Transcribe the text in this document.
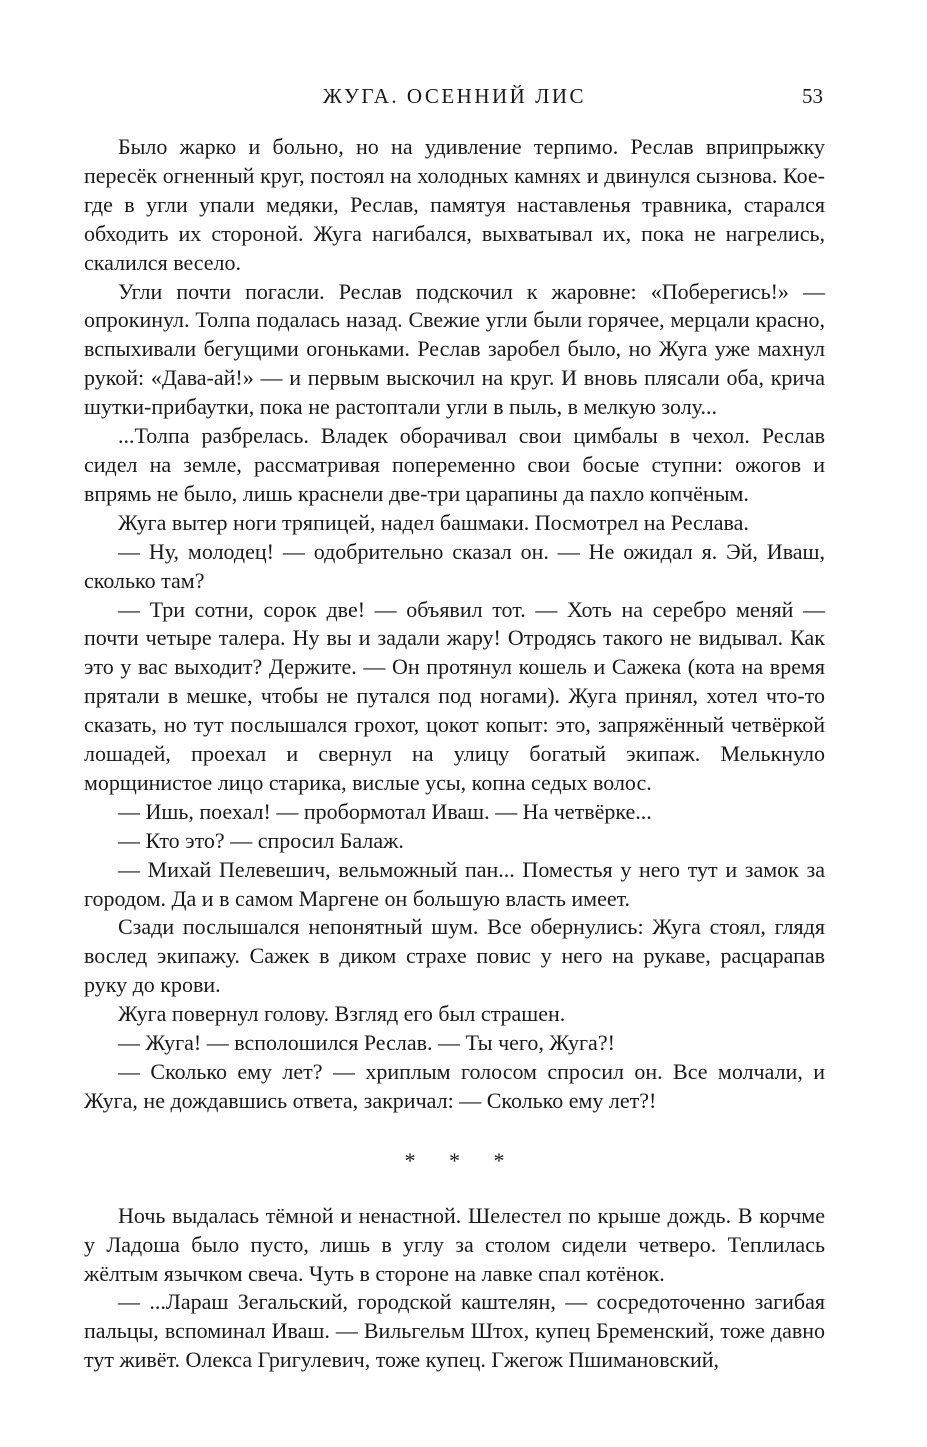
ЖУГА. ОСЕННИЙ ЛИС	53

Было жарко и больно, но на удивление терпимо. Реслав вприпрыжку пересёк огненный круг, постоял на холодных камнях и двинулся сызнова. Кое-где в угли упали медяки, Реслав, памятуя наставленья травника, старался обходить их стороной. Жуга нагибался, выхватывал их, пока не нагрелись, скалился весело.

Угли почти погасли. Реслав подскочил к жаровне: «Поберегись!» — опрокинул. Толпа подалась назад. Свежие угли были горячее, мерцали красно, вспыхивали бегущими огоньками. Реслав заробел было, но Жуга уже махнул рукой: «Дава-ай!» — и первым выскочил на круг. И вновь плясали оба, крича шутки-прибаутки, пока не растоптали угли в пыль, в мелкую золу...

...Толпа разбрелась. Владек оборачивал свои цимбалы в чехол. Реслав сидел на земле, рассматривая попеременно свои босые ступни: ожогов и впрямь не было, лишь краснели две-три царапины да пахло копчёным.

Жуга вытер ноги тряпицей, надел башмаки. Посмотрел на Реслава.

— Ну, молодец! — одобрительно сказал он. — Не ожидал я. Эй, Иваш, сколько там?

— Три сотни, сорок две! — объявил тот. — Хоть на серебро меняй — почти четыре талера. Ну вы и задали жару! Отродясь такого не видывал. Как это у вас выходит? Держите. — Он протянул кошель и Сажека (кота на время прятали в мешке, чтобы не путался под ногами). Жуга принял, хотел что-то сказать, но тут послышался грохот, цокот копыт: это, запряжённый четвёркой лошадей, проехал и свернул на улицу богатый экипаж. Мелькнуло морщинистое лицо старика, вислые усы, копна седых волос.

— Ишь, поехал! — пробормотал Иваш. — На четвёрке...

— Кто это? — спросил Балаж.

— Михай Пелевешич, вельможный пан... Поместья у него тут и замок за городом. Да и в самом Маргене он большую власть имеет.

Сзади послышался непонятный шум. Все обернулись: Жуга стоял, глядя вослед экипажу. Сажек в диком страхе повис у него на рукаве, расцарапав руку до крови.

Жуга повернул голову. Взгляд его был страшен.

— Жуга! — всполошился Реслав. — Ты чего, Жуга?!

— Сколько ему лет? — хриплым голосом спросил он. Все молчали, и Жуга, не дождавшись ответа, закричал: — Сколько ему лет?!

* * *

Ночь выдалась тёмной и ненастной. Шелестел по крыше дождь. В корчме у Ладоша было пусто, лишь в углу за столом сидели четверо. Теплилась жёлтым язычком свеча. Чуть в стороне на лавке спал котёнок.

— ...Лараш Зегальский, городской каштелян, — сосредоточенно загибая пальцы, вспоминал Иваш. — Вильгельм Штох, купец Бременский, тоже давно тут живёт. Олекса Григулевич, тоже купец. Гжегож Пшимановский,
